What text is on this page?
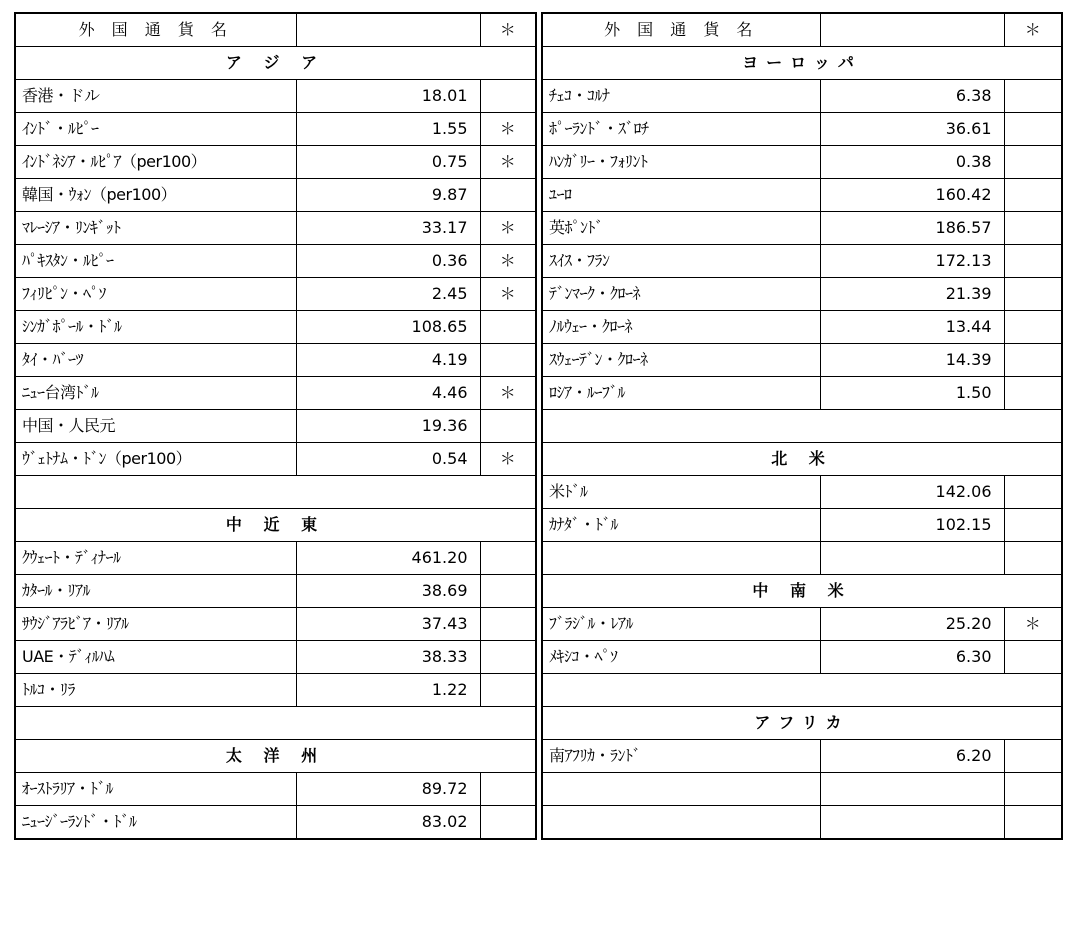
外 国 通 貨 名		＊
ア ジ ア		
香港・ドル	18.01	
ｲﾝﾄﾞ・ﾙﾋﾟｰ	1.55	＊
ｲﾝﾄﾞﾈｼｱ・ﾙﾋﾟｱ（per100）	0.75	＊
韓国・ｳｫﾝ（per100）	9.87	
ﾏﾚｰｼｱ・ﾘﾝｷﾞｯﾄ	33.17	＊
ﾊﾟｷｽﾀﾝ・ﾙﾋﾟｰ	0.36	＊
ﾌｨﾘﾋﾟﾝ・ﾍﾟｿ	2.45	＊
ｼﾝｶﾞﾎﾟｰﾙ・ﾄﾞﾙ	108.65	
ﾀｲ・ﾊﾞｰﾂ	4.19	
ﾆｭｰ台湾ﾄﾞﾙ	4.46	＊
中国・人民元	19.36	
ｳﾞｪﾄﾅﾑ・ﾄﾞﾝ（per100）	0.54	＊

中 近 東		
ｸｳｪｰﾄ・ﾃﾞｨﾅｰﾙ	461.20	
ｶﾀｰﾙ・ﾘｱﾙ	38.69	
ｻｳｼﾞｱﾗﾋﾞｱ・ﾘｱﾙ	37.43	
UAE・ﾃﾞｨﾙﾊﾑ	38.33	
ﾄﾙｺ・ﾘﾗ	1.22	

太 洋 州		
ｵｰｽﾄﾗﾘｱ・ﾄﾞﾙ	89.72	
ﾆｭｰｼﾞｰﾗﾝﾄﾞ・ﾄﾞﾙ	83.02	
外 国 通 貨 名		＊
ヨーロッパ		
ﾁｪｺ・ｺﾙﾅ	6.38	
ﾎﾟｰﾗﾝﾄﾞ・ｽﾞﾛﾁ	36.61	
ﾊﾝｶﾞﾘｰ・ﾌｫﾘﾝﾄ	0.38	
ﾕｰﾛ	160.42	
英ﾎﾟﾝﾄﾞ	186.57	
ｽｲｽ・ﾌﾗﾝ	172.13	
ﾃﾞﾝﾏｰｸ・ｸﾛｰﾈ	21.39	
ﾉﾙｳｪｰ・ｸﾛｰﾈ	13.44	
ｽｳｪｰﾃﾞﾝ・ｸﾛｰﾈ	14.39	
ﾛｼｱ・ﾙｰﾌﾞﾙ	1.50	

北 米		
米ﾄﾞﾙ	142.06	
ｶﾅﾀﾞ・ﾄﾞﾙ	102.15	

中 南 米		
ﾌﾞﾗｼﾞﾙ・ﾚｱﾙ	25.20	＊
ﾒｷｼｺ・ﾍﾟｿ	6.30	

アフリカ		
南ｱﾌﾘｶ・ﾗﾝﾄﾞ	6.20	
